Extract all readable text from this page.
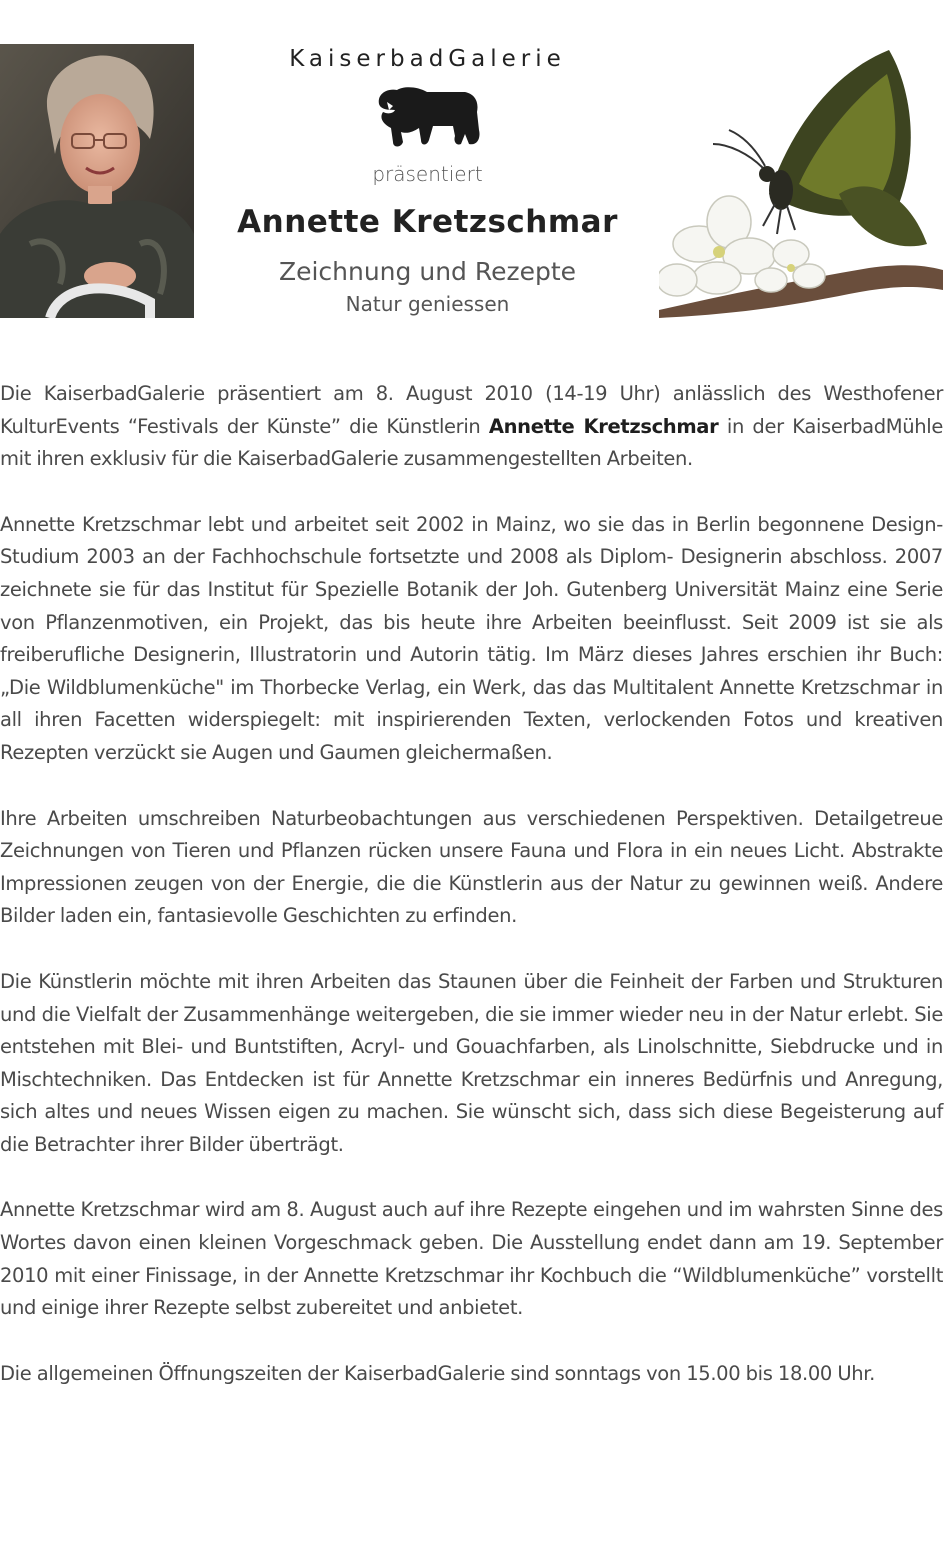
KaiserbadGalerie
präsentiert
Annette Kretzschmar
Zeichnung und Rezepte
Natur geniessen

Die KaiserbadGalerie präsentiert am 8. August 2010 (14-19 Uhr) anlässlich des Westhofener KulturEvents “Festivals der Künste” die Künstlerin Annette Kretzschmar in der KaiserbadMühle mit ihren exklusiv für die KaiserbadGalerie zusammengestellten Arbeiten.

Annette Kretzschmar lebt und arbeitet seit 2002 in Mainz, wo sie das in Berlin begonnene Design-Studium 2003 an der Fachhochschule fortsetzte und 2008 als Diplom- Designerin abschloss. 2007 zeichnete sie für das Institut für Spezielle Botanik der Joh. Gutenberg Universität Mainz eine Serie von Pflanzenmotiven, ein Projekt, das bis heute ihre Arbeiten beeinflusst. Seit 2009 ist sie als freiberufliche Designerin, Illustratorin und Autorin tätig. Im März dieses Jahres erschien ihr Buch: „Die Wildblumenküche" im Thorbecke Verlag, ein Werk, das das Multitalent Annette Kretzschmar in all ihren Facetten widerspiegelt: mit inspirierenden Texten, verlockenden Fotos und kreativen Rezepten verzückt sie Augen und Gaumen gleichermaßen.

Ihre Arbeiten umschreiben Naturbeobachtungen aus verschiedenen Perspektiven. Detailgetreue Zeichnungen von Tieren und Pflanzen rücken unsere Fauna und Flora in ein neues Licht. Abstrakte Impressionen zeugen von der Energie, die die Künstlerin aus der Natur zu gewinnen weiß. Andere Bilder laden ein, fantasievolle Geschichten zu erfinden.

Die Künstlerin möchte mit ihren Arbeiten das Staunen über die Feinheit der Farben und Strukturen und die Vielfalt der Zusammenhänge weitergeben, die sie immer wieder neu in der Natur erlebt. Sie entstehen mit Blei- und Buntstiften, Acryl- und Gouachfarben, als Linolschnitte, Siebdrucke und in Mischtechniken. Das Entdecken ist für Annette Kretzschmar ein inneres Bedürfnis und Anregung, sich altes und neues Wissen eigen zu machen. Sie wünscht sich, dass sich diese Begeisterung auf die Betrachter ihrer Bilder überträgt.

Annette Kretzschmar wird am 8. August auch auf ihre Rezepte eingehen und im wahrsten Sinne des Wortes davon einen kleinen Vorgeschmack geben. Die Ausstellung endet dann am 19. September 2010 mit einer Finissage, in der Annette Kretzschmar ihr Kochbuch die “Wildblumenküche” vorstellt und einige ihrer Rezepte selbst zubereitet und anbietet.

Die allgemeinen Öffnungszeiten der KaiserbadGalerie sind sonntags von 15.00 bis 18.00 Uhr.
